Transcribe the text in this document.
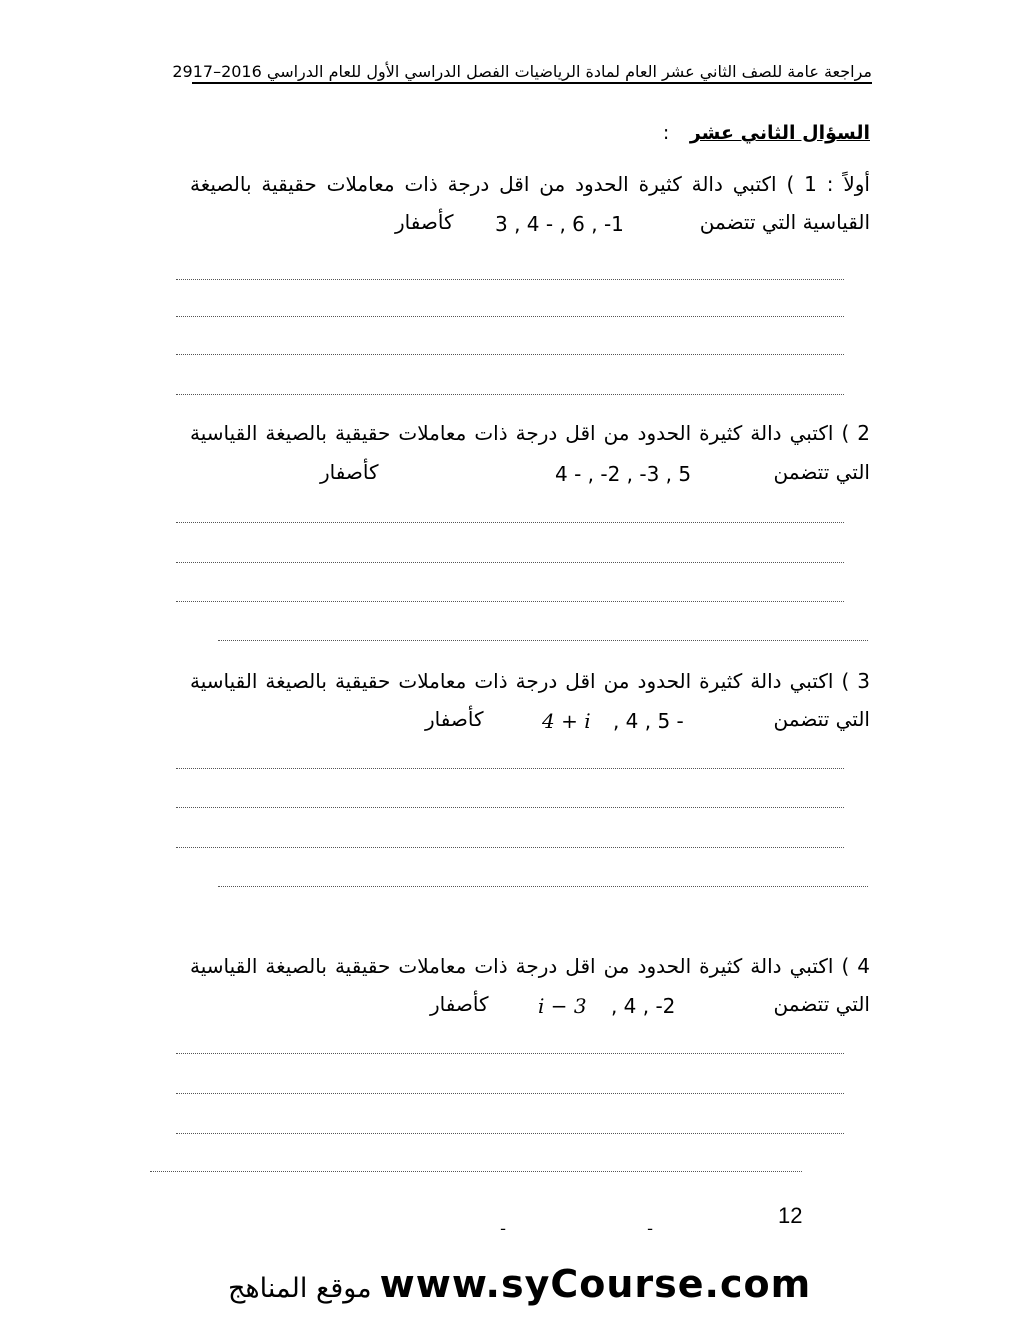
مراجعة عامة للصف الثاني عشر العام لمادة الرياضيات الفصل الدراسي الأول للعام الدراسي 2016–2917
السؤال الثاني عشر :
أولاً : 1 ) اكتبي دالة كثيرة الحدود من اقل درجة ذات معاملات حقيقية بالصيغة
القياسية التي تتضمن
3 , 4 - , 6 , -1
كأصفار
2 ) اكتبي دالة كثيرة الحدود من اقل درجة ذات معاملات حقيقية بالصيغة القياسية
التي تتضمن
4 - , -2 , -3 , 5
كأصفار
3 ) اكتبي دالة كثيرة الحدود من اقل درجة ذات معاملات حقيقية بالصيغة القياسية
التي تتضمن
4 + i , 4 , 5 -
كأصفار
4 ) اكتبي دالة كثيرة الحدود من اقل درجة ذات معاملات حقيقية بالصيغة القياسية
التي تتضمن
i − 3 , 4 , -2
كأصفار
12
ـ
ـ
موقع المناهج www.syCourse.com
